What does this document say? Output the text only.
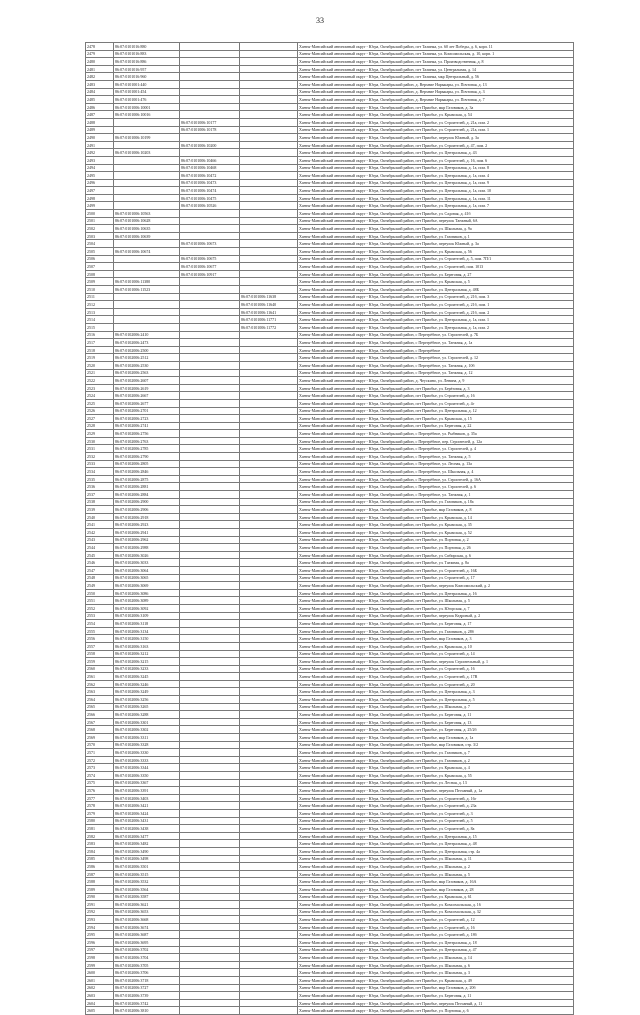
33
2478	86:07:0101016:880			Ханты-Мансийский автономный округ - Югра, Октябрьский район, пгт Талинка, ул. 60 лет Победы, д. 6, корп. 11
2479	86:07:0101016:883			Ханты-Мансийский автономный округ - Югра, Октябрьский район, пгт Талинка, ул. Комсомольская, д. 10, корп. 1
2480	86:07:0101016:886			Ханты-Мансийский автономный округ - Югра, Октябрьский район, пгт Талинка, ул. Производственная, д. 8
2481	86:07:0101016:957			Ханты-Мансийский автономный округ - Югра, Октябрьский район, пгт Талинка, ул. Центральная, д. 14
2482	86:07:0101016:960			Ханты-Мансийский автономный округ - Югра, Октябрьский район, пгт Талинка, мкр Центральный, д. 56
2483	86:07:0101001:440			Ханты-Мансийский автономный округ - Югра, Октябрьский район, д. Верхние Нарыкары, ул. Почтовая, д. 13
2484	86:07:0101001:454			Ханты-Мансийский автономный округ - Югра, Октябрьский район, д. Верхние Нарыкары, ул. Почтовая, д. 3
2485	86:07:0101001:476			Ханты-Мансийский автономный округ - Югра, Октябрьский район, д. Верхние Нарыкары, ул. Почтовая, д. 7
2486	86:07:0101006:10001			Ханты-Мансийский автономный округ - Югра, Октябрьский район, пгт Приобье, мкр Газовиков, д. 3а
2487	86:07:0101006:10016			Ханты-Мансийский автономный округ - Югра, Октябрьский район, пгт Приобье, ул. Крымская, д. 54
2488		86:07:0101006:10177		Ханты-Мансийский автономный округ - Югра, Октябрьский район, пгт Приобье, ул. Строителей, д. 21а, пом. 2
2489		86:07:0101006:10178		Ханты-Мансийский автономный округ - Югра, Октябрьский район, пгт Приобье, ул. Строителей, д. 21а, пом. 1
2490	86:07:0101006:10199			Ханты-Мансийский автономный округ - Югра, Октябрьский район, пгт Приобье, переулок Южный, д. 3а
2491		86:07:0101006:10200		Ханты-Мансийский автономный округ - Югра, Октябрьский район, пгт Приобье, ул. Строителей, д. 47, пом. 2
2492	86:07:0101006:10203			Ханты-Мансийский автономный округ - Югра, Октябрьский район, пгт Приобье, ул. Центральная, д. 43
2493		86:07:0101006:10466		Ханты-Мансийский автономный округ - Югра, Октябрьский район, пгт Приобье, ул. Строителей, д. 16, пом. 6
2494		86:07:0101006:10468		Ханты-Мансийский автономный округ - Югра, Октябрьский район, пгт Приобье, ул. Центральная, д. 1а, пом. 8
2495		86:07:0101006:10472		Ханты-Мансийский автономный округ - Югра, Октябрьский район, пгт Приобье, ул. Центральная, д. 1а, пом. 4
2496		86:07:0101006:10473		Ханты-Мансийский автономный округ - Югра, Октябрьский район, пгт Приобье, ул. Центральная, д. 1а, пом. 9
2497		86:07:0101006:10474		Ханты-Мансийский автономный округ - Югра, Октябрьский район, пгт Приобье, ул. Центральная, д. 1а, пом. 10
2498		86:07:0101006:10475		Ханты-Мансийский автономный округ - Югра, Октябрьский район, пгт Приобье, ул. Центральная, д. 1а, пом. 11
2499		86:07:0101006:10526		Ханты-Мансийский автономный округ - Югра, Октябрьский район, пгт Приобье, ул. Центральная, д. 1а, пом. 7
2500	86:07:0101006:10563			Ханты-Мансийский автономный округ - Югра, Октябрьский район, пгт Приобье, ул. Садовая, д. 41б
2501	86:07:0101006:10628			Ханты-Мансийский автономный округ - Югра, Октябрьский район, пгт Приобье, переулок Таежный, 6А
2502	86:07:0101006:10635			Ханты-Мансийский автономный округ - Югра, Октябрьский район, пгт Приобье, ул. Школьная, д. 9а
2503	86:07:0101006:10639			Ханты-Мансийский автономный округ - Югра, Октябрьский район, пгт Приобье, ул. Газовиков, д. 1
2504		86:07:0101006:10673		Ханты-Мансийский автономный округ - Югра, Октябрьский район, пгт Приобье, переулок Южный, д. 3а
2505	86:07:0101006:10674			Ханты-Мансийский автономный округ - Югра, Октябрьский район, пгт Приобье, ул. Крымская, д. 56
2506		86:07:0101006:10675		Ханты-Мансийский автономный округ - Югра, Октябрьский район, пгт Приобье, ул. Строителей, д. 5, пом. 7П/1
2507		86:07:0101006:10677		Ханты-Мансийский автономный округ - Югра, Октябрьский район, пгт Приобье, ул. Строителей, пом. 1013
2508		86:07:0101006:10917		Ханты-Мансийский автономный округ - Югра, Октябрьский район, пгт Приобье, ул. Береговая, д. 27
2509	86:07:0101006:11380			Ханты-Мансийский автономный округ - Югра, Октябрьский район, пгт Приобье, ул. Крымская, д. 5
2510	86:07:0101006:11523			Ханты-Мансийский автономный округ - Югра, Октябрьский район, пгт Приобье, ул. Центральная, д. 48Б
2511			86:07:0101006:11638	Ханты-Мансийский автономный округ - Югра, Октябрьский район, пгт Приобье, ул. Строителей, д. 21б, пом. 3
2512			86:07:0101006:11640	Ханты-Мансийский автономный округ - Югра, Октябрьский район, пгт Приобье, ул. Строителей, д. 21б, пом. 1
2513			86:07:0101006:11641	Ханты-Мансийский автономный округ - Югра, Октябрьский район, пгт Приобье, ул. Строителей, д. 21б, пом. 2
2514			86:07:0101006:11771	Ханты-Мансийский автономный округ - Югра, Октябрьский район, пгт Приобье, ул. Центральная, д. 1а, пом. 1
2515			86:07:0101006:11772	Ханты-Мансийский автономный округ - Югра, Октябрьский район, пгт Приобье, ул. Центральная, д. 1а, пом. 2
2516	86:07:0102006:2410			Ханты-Мансийский автономный округ - Югра, Октябрьский район, с Перегрёбное, ул. Строителей, д. 7Б
2517	86:07:0102006:2473			Ханты-Мансийский автономный округ - Югра, Октябрьский район, с Перегрёбное, ул. Таежная, д. 1а
2518	86:07:0102006:2500			Ханты-Мансийский автономный округ - Югра, Октябрьский район, с Перегрёбное
2519	86:07:0102006:2512			Ханты-Мансийский автономный округ - Югра, Октябрьский район, с Перегрёбное, ул. Строителей, д. 12
2520	86:07:0102006:2530			Ханты-Мансийский автономный округ - Югра, Октябрьский район, с Перегрёбное, ул. Таежная, д. 10б
2521	86:07:0102006:2563			Ханты-Мансийский автономный округ - Югра, Октябрьский район, с Перегрёбное, ул. Таежная, д. 12
2522	86:07:0102006:2607			Ханты-Мансийский автономный округ - Югра, Октябрьский район, д. Чеускино, ул. Ленина, д. 9
2523	86:07:0102006:2619			Ханты-Мансийский автономный округ - Югра, Октябрьский район, пгт Приобье, ул. Берёзовая, д. 3
2524	86:07:0102006:2667			Ханты-Мансийский автономный округ - Югра, Октябрьский район, пгт Приобье, ул. Строителей, д. 16
2525	86:07:0102006:2677			Ханты-Мансийский автономный округ - Югра, Октябрьский район, пгт Приобье, ул. Строителей, д. 4г
2526	86:07:0102006:2701			Ханты-Мансийский автономный округ - Югра, Октябрьский район, пгт Приобье, ул. Центральная, д. 12
2527	86:07:0102006:2723			Ханты-Мансийский автономный округ - Югра, Октябрьский район, пгт Приобье, ул. Крымская, д. 15
2528	86:07:0102006:2741			Ханты-Мансийский автономный округ - Югра, Октябрьский район, пгт Приобье, ул. Береговая, д. 22
2529	86:07:0102006:2756			Ханты-Мансийский автономный округ - Югра, Октябрьский район, с Перегрёбное, ул. Рыбников, д. 35а
2530	86:07:0102006:2763			Ханты-Мансийский автономный округ - Югра, Октябрьский район, с Перегрёбное, пер. Строителей, д. 12а
2531	86:07:0102006:2785			Ханты-Мансийский автономный округ - Югра, Октябрьский район, с Перегрёбное, ул. Строителей, д. 4
2532	86:07:0102006:2790			Ханты-Мансийский автономный округ - Югра, Октябрьский район, с Перегрёбное, ул. Таежная, д. 5
2533	86:07:0102006:2805			Ханты-Мансийский автономный округ - Югра, Октябрьский район, с Перегрёбное, ул. Лесная, д. 13а
2534	86:07:0102006:2846			Ханты-Мансийский автономный округ - Югра, Октябрьский район, с Перегрёбное, ул. Школьная, д. 4
2535	86:07:0102006:2875			Ханты-Мансийский автономный округ - Югра, Октябрьский район, с Перегрёбное, ул. Строителей, д. 16А
2536	86:07:0102006:2881			Ханты-Мансийский автономный округ - Югра, Октябрьский район, с Перегрёбное, ул. Строителей, д. 6
2537	86:07:0102006:2884			Ханты-Мансийский автономный округ - Югра, Октябрьский район, с Перегрёбное, ул. Таежная, д. 1
2538	86:07:0102006:2900			Ханты-Мансийский автономный округ - Югра, Октябрьский район, пгт Приобье, ул. Газовиков, д. 18а
2539	86:07:0102006:2906			Ханты-Мансийский автономный округ - Югра, Октябрьский район, пгт Приобье, мкр Газовиков, д. 8
2540	86:07:0102006:2918			Ханты-Мансийский автономный округ - Югра, Октябрьский район, пгт Приобье, ул. Крымская, д. 14
2541	86:07:0102006:2923			Ханты-Мансийский автономный округ - Югра, Октябрьский район, пгт Приобье, ул. Крымская, д. 35
2542	86:07:0102006:2941			Ханты-Мансийский автономный округ - Югра, Октябрьский район, пгт Приобье, ул. Крымская, д. 52
2543	86:07:0102006:2962			Ханты-Мансийский автономный округ - Югра, Октябрьский район, пгт Приобье, ул. Портовая, д. 2
2544	86:07:0102006:2988			Ханты-Мансийский автономный округ - Югра, Октябрьский район, пгт Приобье, ул. Портовая, д. 26
2545	86:07:0102006:3026			Ханты-Мансийский автономный округ - Югра, Октябрьский район, пгт Приобье, ул. Сибирская, д. 6
2546	86:07:0102006:3033			Ханты-Мансийский автономный округ - Югра, Октябрьский район, пгт Приобье, ул. Таежная, д. 8а
2547	86:07:0102006:3064			Ханты-Мансийский автономный округ - Югра, Октябрьский район, пгт Приобье, ул. Строителей, д. 16Б
2548	86:07:0102006:3065			Ханты-Мансийский автономный округ - Югра, Октябрьский район, пгт Приобье, ул. Строителей, д. 17
2549	86:07:0102006:3069			Ханты-Мансийский автономный округ - Югра, Октябрьский район, пгт Приобье, переулок Комсомольский, д. 2
2550	86:07:0102006:3086			Ханты-Мансийский автономный округ - Югра, Октябрьский район, пгт Приобье, ул. Центральная, д. 16
2551	86:07:0102006:3089			Ханты-Мансийский автономный округ - Югра, Октябрьский район, пгт Приобье, ул. Школьная, д. 5
2552	86:07:0102006:3092			Ханты-Мансийский автономный округ - Югра, Октябрьский район, пгт Приобье, ул. Югорская, д. 7
2553	86:07:0102006:3109			Ханты-Мансийский автономный округ - Югра, Октябрьский район, пгт Приобье, переулок Кедровый, д. 2
2554	86:07:0102006:3118			Ханты-Мансийский автономный округ - Югра, Октябрьский район, пгт Приобье, ул. Береговая, д. 17
2555	86:07:0102006:3134			Ханты-Мансийский автономный округ - Югра, Октябрьский район, пгт Приобье, ул. Газовиков, д. 28б
2556	86:07:0102006:3150			Ханты-Мансийский автономный округ - Югра, Октябрьский район, пгт Приобье, мкр Газовиков, д. 3
2557	86:07:0102006:3163			Ханты-Мансийский автономный округ - Югра, Октябрьский район, пгт Приобье, ул. Крымская, д. 10
2558	86:07:0102006:3212			Ханты-Мансийский автономный округ - Югра, Октябрьский район, пгт Приобье, ул. Строителей, д. 14
2559	86:07:0102006:3215			Ханты-Мансийский автономный округ - Югра, Октябрьский район, пгт Приобье, переулок Строительный, д. 1
2560	86:07:0102006:3233			Ханты-Мансийский автономный округ - Югра, Октябрьский район, пгт Приобье, ул. Строителей, д. 16
2561	86:07:0102006:3245			Ханты-Мансийский автономный округ - Югра, Октябрьский район, пгт Приобье, ул. Строителей, д. 17В
2562	86:07:0102006:3246			Ханты-Мансийский автономный округ - Югра, Октябрьский район, пгт Приобье, ул. Строителей, д. 20
2563	86:07:0102006:3249			Ханты-Мансийский автономный округ - Югра, Октябрьский район, пгт Приобье, ул. Центральная, д. 3
2564	86:07:0102006:3256			Ханты-Мансийский автономный округ - Югра, Октябрьский район, пгт Приобье, ул. Центральная, д. 5
2565	86:07:0102006:3265			Ханты-Мансийский автономный округ - Югра, Октябрьский район, пгт Приобье, ул. Школьная, д. 7
2566	86:07:0102006:3288			Ханты-Мансийский автономный округ - Югра, Октябрьский район, пгт Приобье, ул. Береговая, д. 11
2567	86:07:0102006:3301			Ханты-Мансийский автономный округ - Югра, Октябрьский район, пгт Приобье, ул. Береговая, д. 13
2568	86:07:0102006:3302			Ханты-Мансийский автономный округ - Югра, Октябрьский район, пгт Приобье, ул. Береговая, д. 25/2б
2569	86:07:0102006:3311			Ханты-Мансийский автономный округ - Югра, Октябрьский район, пгт Приобье, мкр Газовиков, д. 1а
2570	86:07:0102006:3328			Ханты-Мансийский автономный округ - Югра, Октябрьский район, пгт Приобье, мкр Газовиков, стр. 3/2
2571	86:07:0102006:3330			Ханты-Мансийский автономный округ - Югра, Октябрьский район, пгт Приобье, ул. Газовиков, д. 7
2572	86:07:0102006:3333			Ханты-Мансийский автономный округ - Югра, Октябрьский район, пгт Приобье, ул. Газовиков, д. 2
2573	86:07:0102006:3344			Ханты-Мансийский автономный округ - Югра, Октябрьский район, пгт Приобье, ул. Крымская, д. 4
2574	86:07:0102006:3350			Ханты-Мансийский автономный округ - Югра, Октябрьский район, пгт Приобье, ул. Крымская, д. 55
2575	86:07:0102006:3367			Ханты-Мансийский автономный округ - Югра, Октябрьский район, пгт Приобье, ул. Лесная, д. 13
2576	86:07:0102006:3391			Ханты-Мансийский автономный округ - Югра, Октябрьский район, пгт Приобье, переулок Песчаный, д. 1а
2577	86:07:0102006:3403			Ханты-Мансийский автономный округ - Югра, Октябрьский район, пгт Приобье, ул. Строителей, д. 16г
2578	86:07:0102006:3421			Ханты-Мансийский автономный округ - Югра, Октябрьский район, пгт Приобье, ул. Строителей, д. 23а
2579	86:07:0102006:3424			Ханты-Мансийский автономный округ - Югра, Октябрьский район, пгт Приобье, ул. Строителей, д. 3
2580	86:07:0102006:3431			Ханты-Мансийский автономный округ - Югра, Октябрьский район, пгт Приобье, ул. Строителей, д. 5
2581	86:07:0102006:3438			Ханты-Мансийский автономный округ - Югра, Октябрьский район, пгт Приобье, ул. Строителей, д. 8а
2582	86:07:0102006:3477			Ханты-Мансийский автономный округ - Югра, Октябрьский район, пгт Приобье, ул. Центральная, д. 15
2583	86:07:0102006:3482			Ханты-Мансийский автономный округ - Югра, Октябрьский район, пгт Приобье, ул. Центральная, д. 48
2584	86:07:0102006:3490			Ханты-Мансийский автономный округ - Югра, Октябрьский район, пгт Приобье, ул. Центральная, стр. 4а
2585	86:07:0102006:3498			Ханты-Мансийский автономный округ - Югра, Октябрьский район, пгт Приобье, ул. Школьная, д. 11
2586	86:07:0102006:3501			Ханты-Мансийский автономный округ - Югра, Октябрьский район, пгт Приобье, ул. Школьная, д. 2
2587	86:07:0102006:3515			Ханты-Мансийский автономный округ - Югра, Октябрьский район, пгт Приобье, ул. Школьная, д. 5
2588	86:07:0102006:3532			Ханты-Мансийский автономный округ - Югра, Октябрьский район, пгт Приобье, мкр Газовиков, д. 16А
2589	86:07:0102006:3564			Ханты-Мансийский автономный округ - Югра, Октябрьский район, пгт Приобье, мкр Газовиков, д. 28
2590	86:07:0102006:3587			Ханты-Мансийский автономный округ - Югра, Октябрьский район, пгт Приобье, ул. Крымская, д. 61
2591	86:07:0102006:3621			Ханты-Мансийский автономный округ - Югра, Октябрьский район, пгт Приобье, ул. Комсомольская, д. 16
2592	86:07:0102006:3653			Ханты-Мансийский автономный округ - Югра, Октябрьский район, пгт Приобье, ул. Комсомольская, д. 32
2593	86:07:0102006:3668			Ханты-Мансийский автономный округ - Югра, Октябрьский район, пгт Приобье, ул. Строителей, д. 12
2594	86:07:0102006:3674			Ханты-Мансийский автономный округ - Югра, Октябрьский район, пгт Приобье, ул. Строителей, д. 16
2595	86:07:0102006:3687			Ханты-Мансийский автономный округ - Югра, Октябрьский район, пгт Приобье, ул. Строителей, д. 18б
2596	86:07:0102006:3695			Ханты-Мансийский автономный округ - Югра, Октябрьский район, пгт Приобье, ул. Центральная, д. 18
2597	86:07:0102006:3702			Ханты-Мансийский автономный округ - Югра, Октябрьский район, пгт Приобье, ул. Центральная, д. 47
2598	86:07:0102006:3704			Ханты-Мансийский автономный округ - Югра, Октябрьский район, пгт Приобье, ул. Школьная, д. 14
2599	86:07:0102006:3705			Ханты-Мансийский автономный округ - Югра, Октябрьский район, пгт Приобье, ул. Школьная, д. 6
2600	86:07:0102006:3706			Ханты-Мансийский автономный округ - Югра, Октябрьский район, пгт Приобье, ул. Школьная, д. 3
2601	86:07:0102006:3718			Ханты-Мансийский автономный округ - Югра, Октябрьский район, пгт Приобье, ул. Крымская, д. 49
2602	86:07:0102006:3727			Ханты-Мансийский автономный округ - Югра, Октябрьский район, пгт Приобье, мкр Газовиков, д. 20б
2603	86:07:0102006:3739			Ханты-Мансийский автономный округ - Югра, Октябрьский район, пгт Приобье, ул. Береговая, д. 11
2604	86:07:0102006:3742			Ханты-Мансийский автономный округ - Югра, Октябрьский район, пгт Приобье, переулок Песчаный, д. 11
2605	86:07:0102006:3810			Ханты-Мансийский автономный округ - Югра, Октябрьский район, пгт Приобье, ул. Портовая, д. 6
